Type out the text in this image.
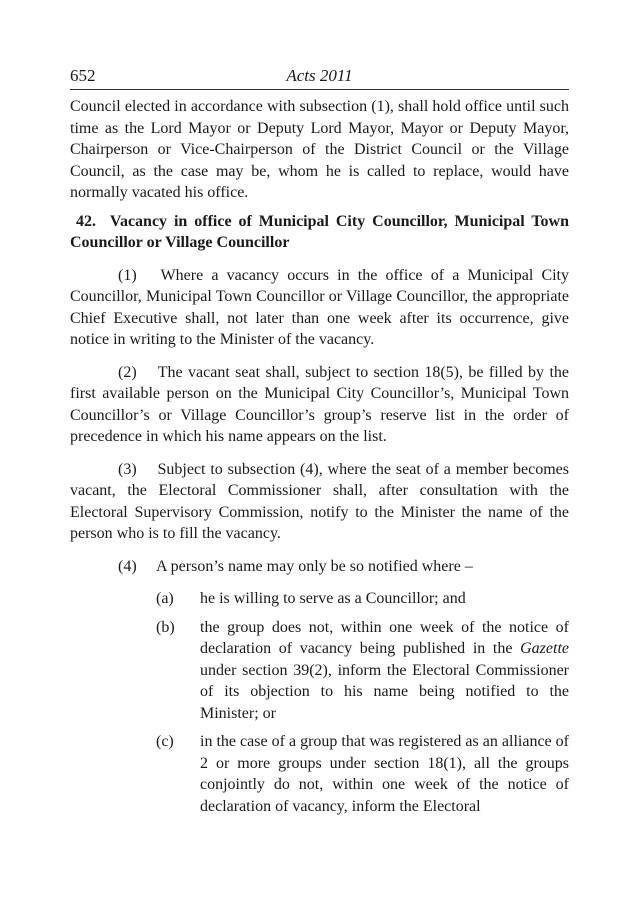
652	Acts 2011

Council elected in accordance with subsection (1), shall hold office until such time as the Lord Mayor or Deputy Lord Mayor, Mayor or Deputy Mayor, Chairperson or Vice-Chairperson of the District Council or the Village Council, as the case may be, whom he is called to replace, would have normally vacated his office.

42. Vacancy in office of Municipal City Councillor, Municipal Town Councillor or Village Councillor

(1)  Where a vacancy occurs in the office of a Municipal City Councillor, Municipal Town Councillor or Village Councillor, the appropriate Chief Executive shall, not later than one week after its occurrence, give notice in writing to the Minister of the vacancy.

(2)  The vacant seat shall, subject to section 18(5), be filled by the first available person on the Municipal City Councillor’s, Municipal Town Councillor’s or Village Councillor’s group’s reserve list in the order of precedence in which his name appears on the list.

(3)  Subject to subsection (4), where the seat of a member becomes vacant, the Electoral Commissioner shall, after consultation with the Electoral Supervisory Commission, notify to the Minister the name of the person who is to fill the vacancy.

(4)	A person’s name may only be so notified where –
(a)	he is willing to serve as a Councillor; and
(b)	the group does not, within one week of the notice of declaration of vacancy being published in the Gazette under section 39(2), inform the Electoral Commissioner of its objection to his name being notified to the Minister; or
(c)	in the case of a group that was registered as an alliance of 2 or more groups under section 18(1), all the groups conjointly do not, within one week of the notice of declaration of vacancy, inform the Electoral
